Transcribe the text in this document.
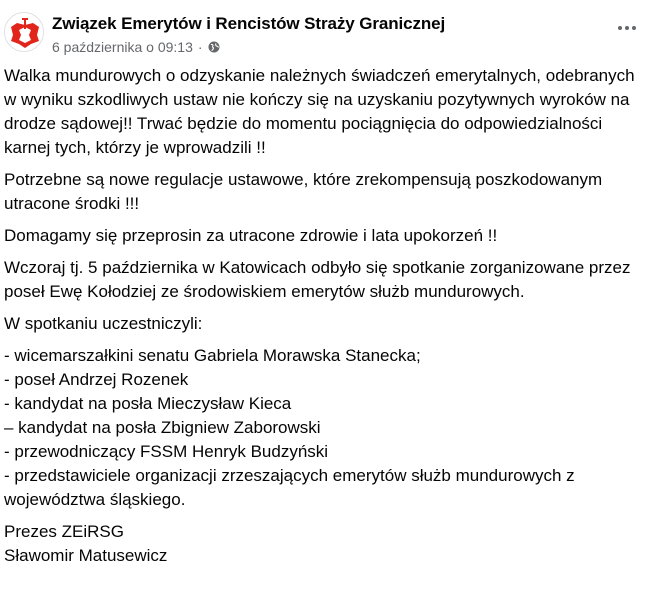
Związek Emerytów i Rencistów Straży Granicznej
6 października o 09:13 ·

Walka mundurowych o odzyskanie należnych świadczeń emerytalnych, odebranych w wyniku szkodliwych ustaw nie kończy się na uzyskaniu pozytywnych wyroków na drodze sądowej!! Trwać będzie do momentu pociągnięcia do odpowiedzialności karnej tych, którzy je wprowadzili !!

Potrzebne są nowe regulacje ustawowe, które zrekompensują poszkodowanym utracone środki !!!

Domagamy się przeprosin za utracone zdrowie i lata upokorzeń !!

Wczoraj tj. 5 października w Katowicach odbyło się spotkanie zorganizowane przez poseł Ewę Kołodziej ze środowiskiem emerytów służb mundurowych.

W spotkaniu uczestniczyli:

- wicemarszałkini senatu Gabriela Morawska Stanecka;
- poseł Andrzej Rozenek
- kandydat na posła Mieczysław Kieca
– kandydat na posła Zbigniew Zaborowski
- przewodniczący FSSM Henryk Budzyński
- przedstawiciele organizacji zrzeszających emerytów służb mundurowych z województwa śląskiego.

Prezes ZEiRSG

Sławomir Matusewicz
